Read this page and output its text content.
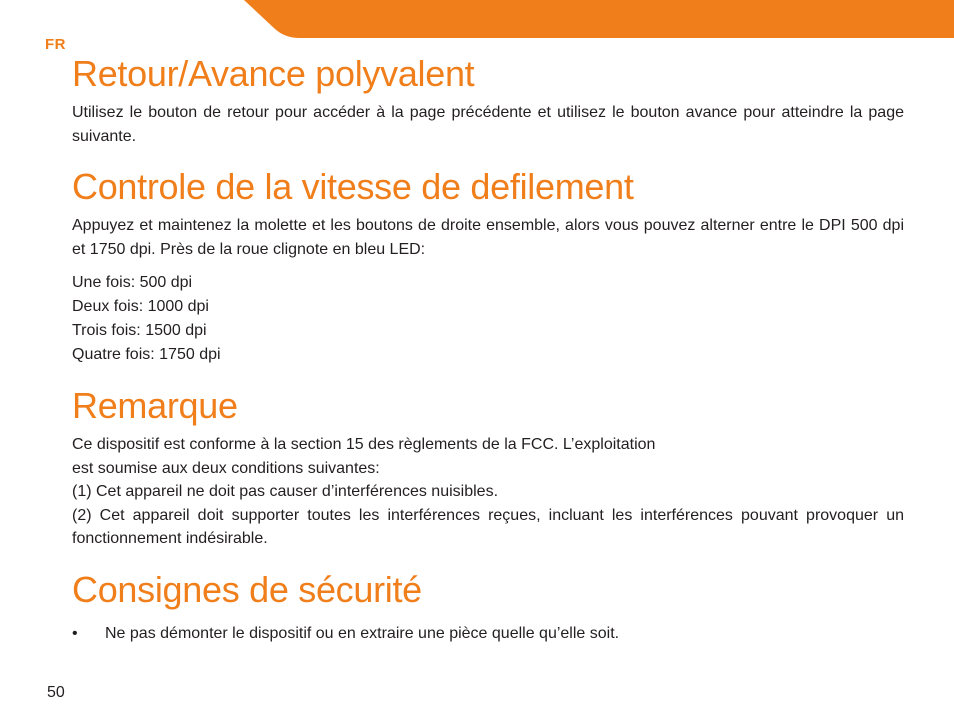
FR
Retour/Avance polyvalent

Utilisez le bouton de retour pour accéder à la page précédente et utilisez le bouton avance pour atteindre la page suivante.

Controle de la vitesse de defilement

Appuyez et maintenez la molette et les boutons de droite ensemble, alors vous pouvez alterner entre le DPI 500 dpi et 1750 dpi. Près de la roue clignote en bleu LED:

Une fois: 500 dpi
Deux fois: 1000 dpi
Trois fois: 1500 dpi
Quatre fois: 1750 dpi
Remarque

Ce dispositif est conforme à la section 15 des règlements de la FCC. L’exploitation

est soumise aux deux conditions suivantes:

(1) Cet appareil ne doit pas causer d’interférences nuisibles.

(2) Cet appareil doit supporter toutes les interférences reçues, incluant les interférences pouvant provoquer un fonctionnement indésirable.

Consignes de sécurité
•	Ne pas démonter le dispositif ou en extraire une pièce quelle qu’elle soit.
50
